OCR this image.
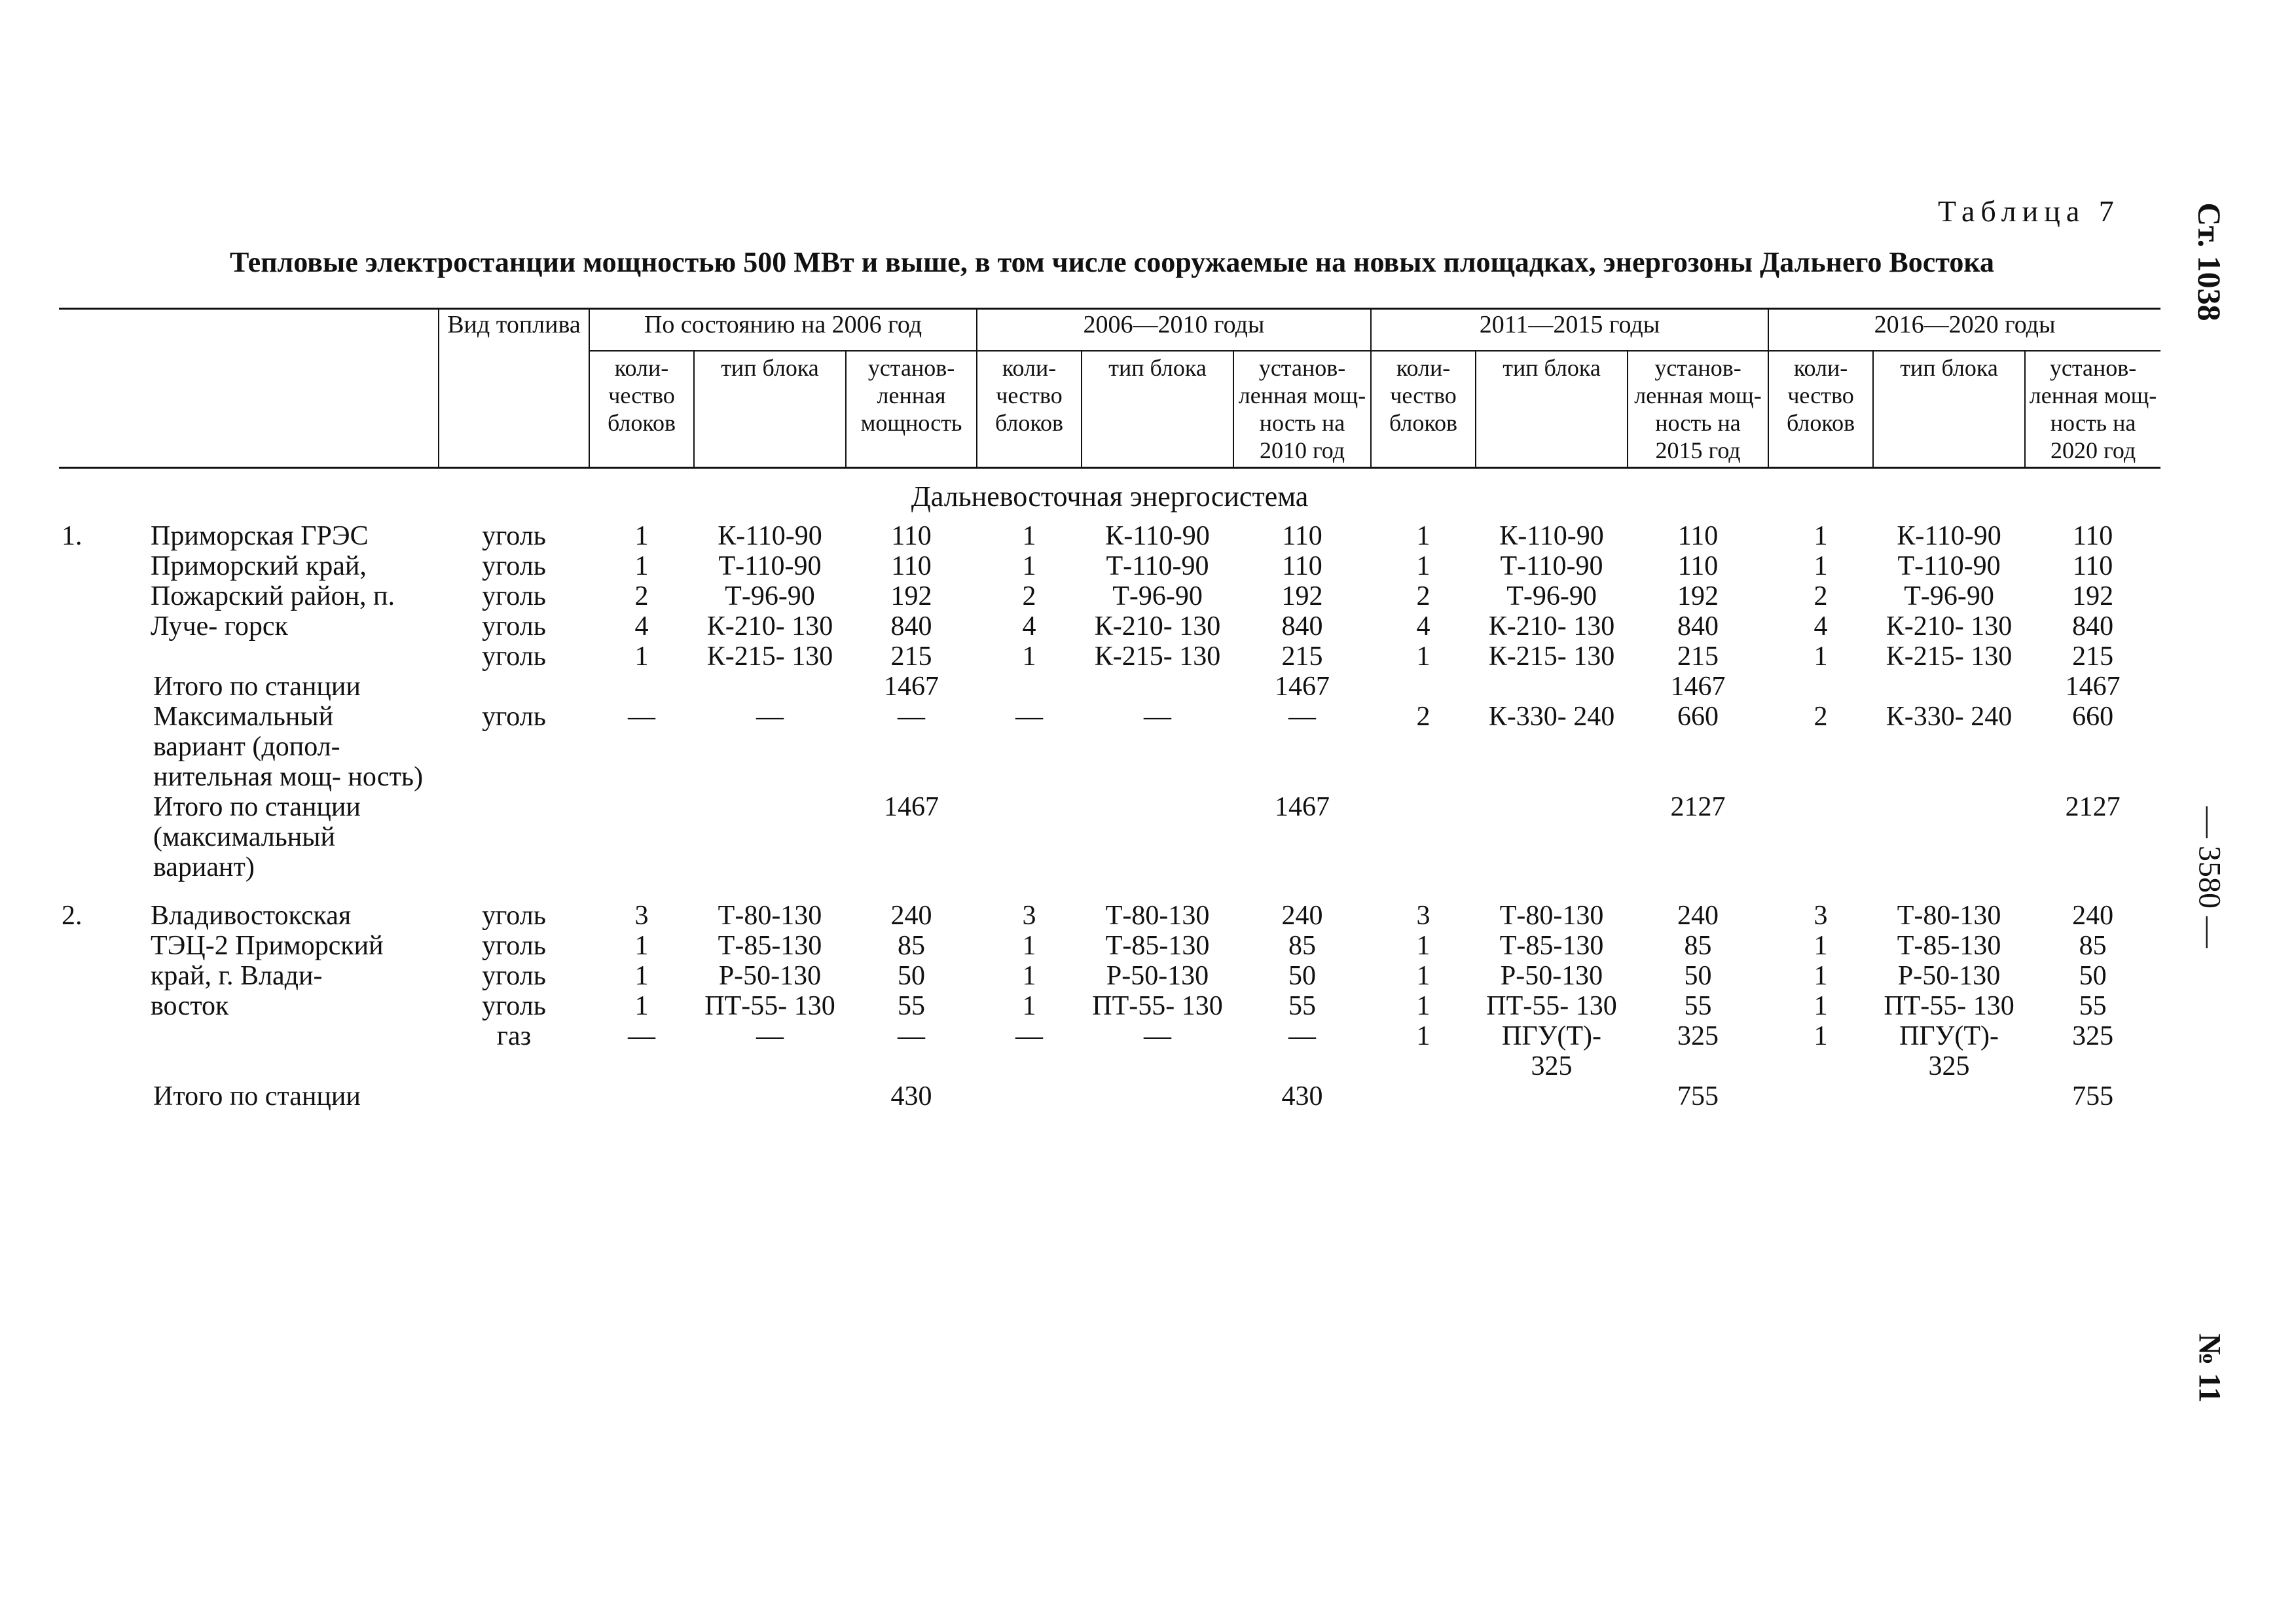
Таблица 7
Тепловые электростанции мощностью 500 МВт и выше, в том числе сооружаемые на новых площадках, энергозоны Дальнего Востока	Ст. 1038
— 3580 —
№ 11
		Вид топлива	По состоянию на 2006 год			2006—2010 годы			2011—2015 годы			2016—2020 годы		
			коли- чество блоков	тип блока	установ- ленная мощность	коли- чество блоков	тип блока	установ- ленная мощ- ность на 2010 год	коли- чество блоков	тип блока	установ- ленная мощ- ность на 2015 год	коли- чество блоков	тип блока	установ- ленная мощ- ность на 2020 год
Дальневосточная энергосистема														
1.	Приморская ГРЭС Приморский край, Пожарский район, п. Луче- горск	уголь	1	К-110-90	110	1	К-110-90	110	1	К-110-90	110	1	К-110-90	110
		уголь	1	Т-110-90	110	1	Т-110-90	110	1	Т-110-90	110	1	Т-110-90	110
		уголь	2	Т-96-90	192	2	Т-96-90	192	2	Т-96-90	192	2	Т-96-90	192
		уголь	4	К-210- 130	840	4	К-210- 130	840	4	К-210- 130	840	4	К-210- 130	840
		уголь	1	К-215- 130	215	1	К-215- 130	215	1	К-215- 130	215	1	К-215- 130	215
	Итого по станции				1467			1467			1467			1467
	Максимальный вариант (допол- нительная мощ- ность)	уголь	—	—	—	—	—	—	2	К-330- 240	660	2	К-330- 240	660
	Итого по станции (максимальный вариант)				1467			1467			2127			2127

2.	Владивостокская ТЭЦ-2 Приморский край, г. Влади- восток	уголь	3	Т-80-130	240	3	Т-80-130	240	3	Т-80-130	240	3	Т-80-130	240
		уголь	1	Т-85-130	85	1	Т-85-130	85	1	Т-85-130	85	1	Т-85-130	85
		уголь	1	Р-50-130	50	1	Р-50-130	50	1	Р-50-130	50	1	Р-50-130	50
		уголь	1	ПТ-55- 130	55	1	ПТ-55- 130	55	1	ПТ-55- 130	55	1	ПТ-55- 130	55
		газ	—	—	—	—	—	—	1	ПГУ(Т)- 325	325	1	ПГУ(Т)- 325	325
	Итого по станции				430			430			755			755
